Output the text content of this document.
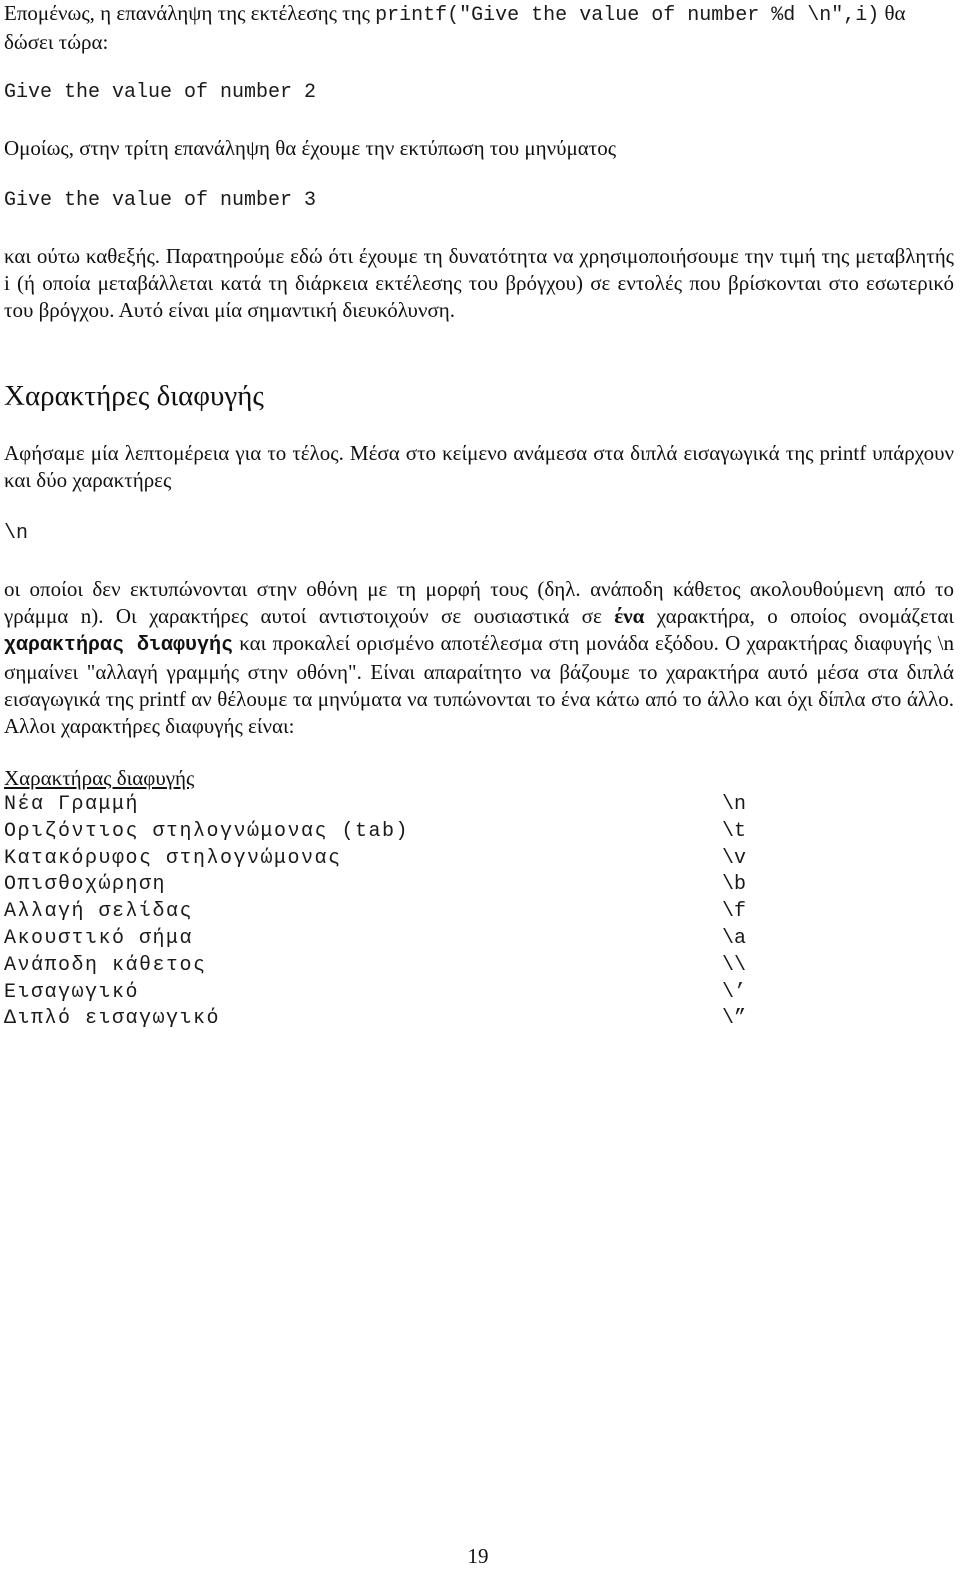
Επομένως, η επανάληψη της εκτέλεσης της printf("Give the value of number %d \n",i) θα δώσει τώρα:

Give the value of number 2

Ομοίως, στην τρίτη επανάληψη θα έχουμε την εκτύπωση του μηνύματος

Give the value of number 3

και ούτω καθεξής. Παρατηρούμε εδώ ότι έχουμε τη δυνατότητα να χρησιμοποιήσουμε την τιμή της μεταβλητής i (ή οποία μεταβάλλεται κατά τη διάρκεια εκτέλεσης του βρόγχου) σε εντολές που βρίσκονται στο εσωτερικό του βρόγχου. Αυτό είναι μία σημαντική διευκόλυνση.

Χαρακτήρες διαφυγής

Αφήσαμε μία λεπτομέρεια για το τέλος. Μέσα στο κείμενο ανάμεσα στα διπλά εισαγωγικά της printf υπάρχουν και δύο χαρακτήρες

\n

οι οποίοι δεν εκτυπώνονται στην οθόνη με τη μορφή τους (δηλ. ανάποδη κάθετος ακολουθούμενη από το γράμμα n). Οι χαρακτήρες αυτοί αντιστοιχούν σε ουσιαστικά σε ένα χαρακτήρα, ο οποίος ονομάζεται χαρακτήρας διαφυγής και προκαλεί ορισμένο αποτέλεσμα στη μονάδα εξόδου. Ο χαρακτήρας διαφυγής \n σημαίνει "αλλαγή γραμμής στην οθόνη". Είναι απαραίτητο να βάζουμε το χαρακτήρα αυτό μέσα στα διπλά εισαγωγικά της printf αν θέλουμε τα μηνύματα να τυπώνονται το ένα κάτω από το άλλο και όχι δίπλα στο άλλο. Αλλοι χαρακτήρες διαφυγής είναι:

Χαρακτήρας διαφυγής

Νέα Γραμμή	\n
Οριζόντιος στηλογνώμονας (tab)	\t
Κατακόρυφος στηλογνώμονας	\v
Οπισθοχώρηση	\b
Αλλαγή σελίδας	\f
Ακουστικό σήμα	\a
Ανάποδη κάθετος	\\
Εισαγωγικό	\’
Διπλό εισαγωγικό	\”
19
